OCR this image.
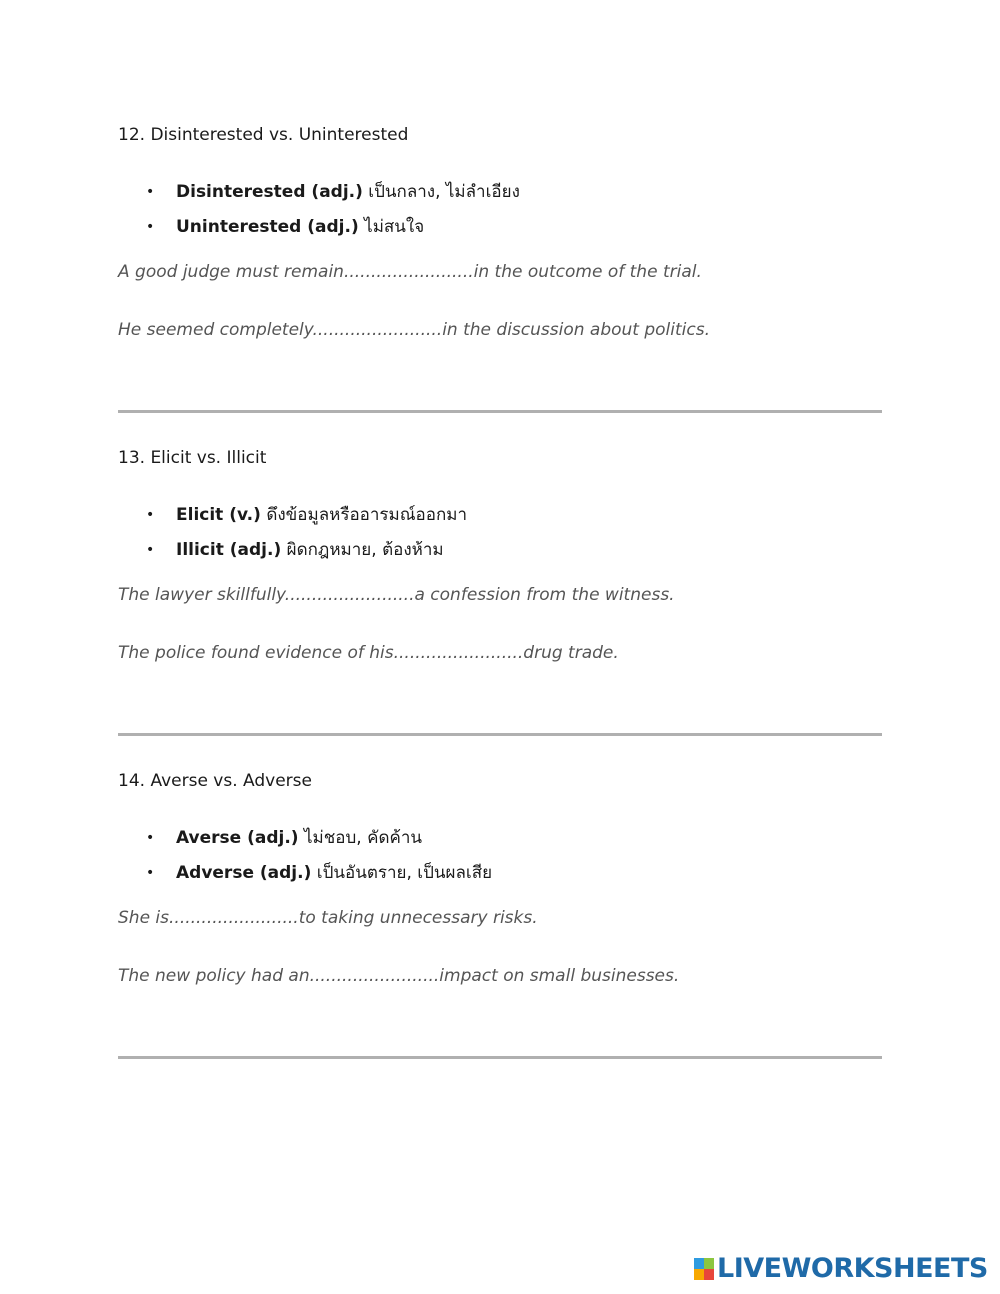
12. Disinterested vs. Uninterested
• Disinterested (adj.) เป็นกลาง, ไม่ลำเอียง
• Uninterested (adj.) ไม่สนใจ

A good judge must remain........................in the outcome of the trial.

He seemed completely........................in the discussion about politics.

13. Elicit vs. Illicit
• Elicit (v.) ดึงข้อมูลหรืออารมณ์ออกมา
• Illicit (adj.) ผิดกฎหมาย, ต้องห้าม

The lawyer skillfully........................a confession from the witness.

The police found evidence of his........................drug trade.

14. Averse vs. Adverse
• Averse (adj.) ไม่ชอบ, คัดค้าน
• Adverse (adj.) เป็นอันตราย, เป็นผลเสีย

She is........................to taking unnecessary risks.

The new policy had an........................impact on small businesses.

LIVEWORKSHEETS
